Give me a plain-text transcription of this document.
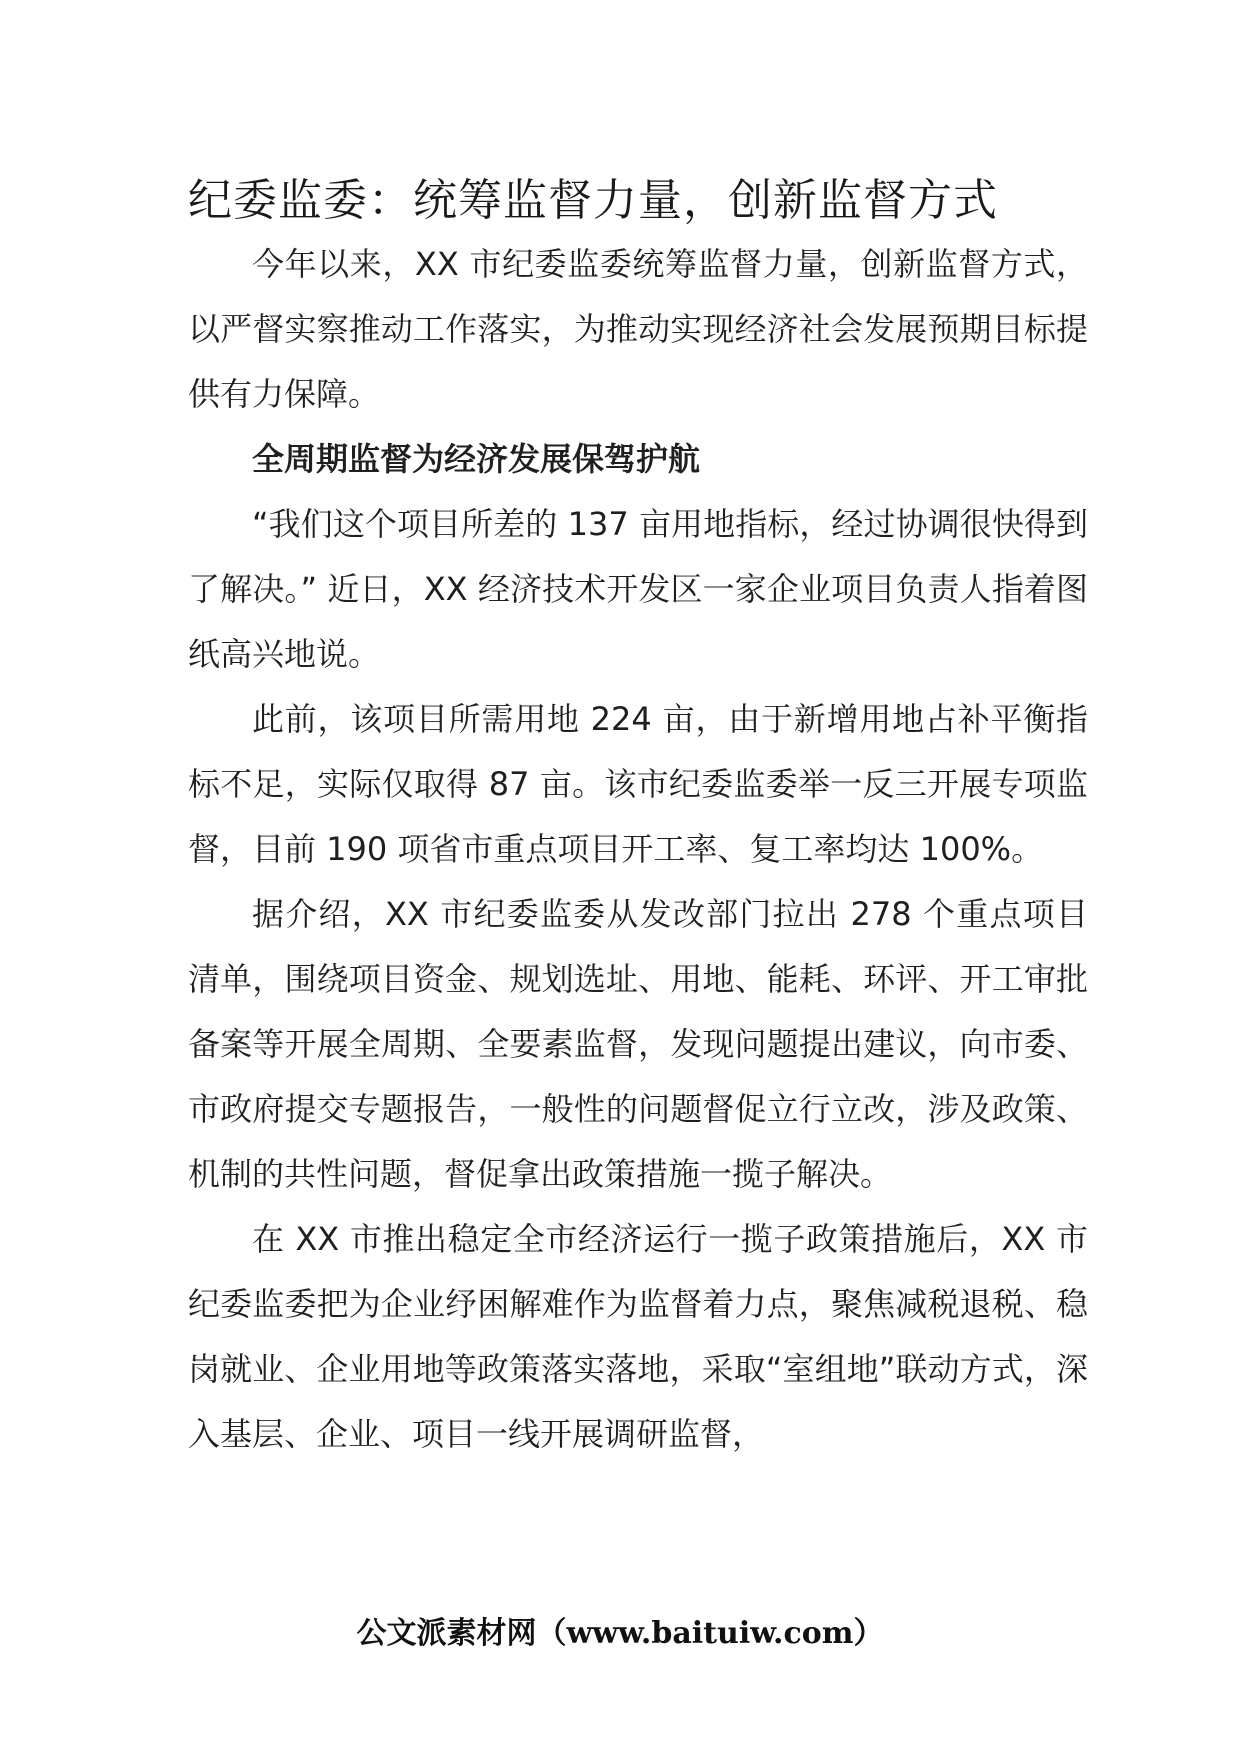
纪委监委：统筹监督力量，创新监督方式

今年以来，XX 市纪委监委统筹监督力量，创新监督方式，以严督实察推动工作落实，为推动实现经济社会发展预期目标提供有力保障。

全周期监督为经济发展保驾护航

“我们这个项目所差的 137 亩用地指标，经过协调很快得到了解决。” 近日，XX 经济技术开发区一家企业项目负责人指着图纸高兴地说。

此前，该项目所需用地 224 亩，由于新增用地占补平衡指标不足，实际仅取得 87 亩。该市纪委监委举一反三开展专项监督，目前 190 项省市重点项目开工率、复工率均达 100%。

据介绍，XX 市纪委监委从发改部门拉出 278 个重点项目清单，围绕项目资金、规划选址、用地、能耗、环评、开工审批备案等开展全周期、全要素监督，发现问题提出建议，向市委、市政府提交专题报告，一般性的问题督促立行立改，涉及政策、机制的共性问题，督促拿出政策措施一揽子解决。

在 XX 市推出稳定全市经济运行一揽子政策措施后，XX 市纪委监委把为企业纾困解难作为监督着力点，聚焦减税退税、稳岗就业、企业用地等政策落实落地，采取“室组地”联动方式，深入基层、企业、项目一线开展调研监督，

公文派素材网（www.baituiw.com）
